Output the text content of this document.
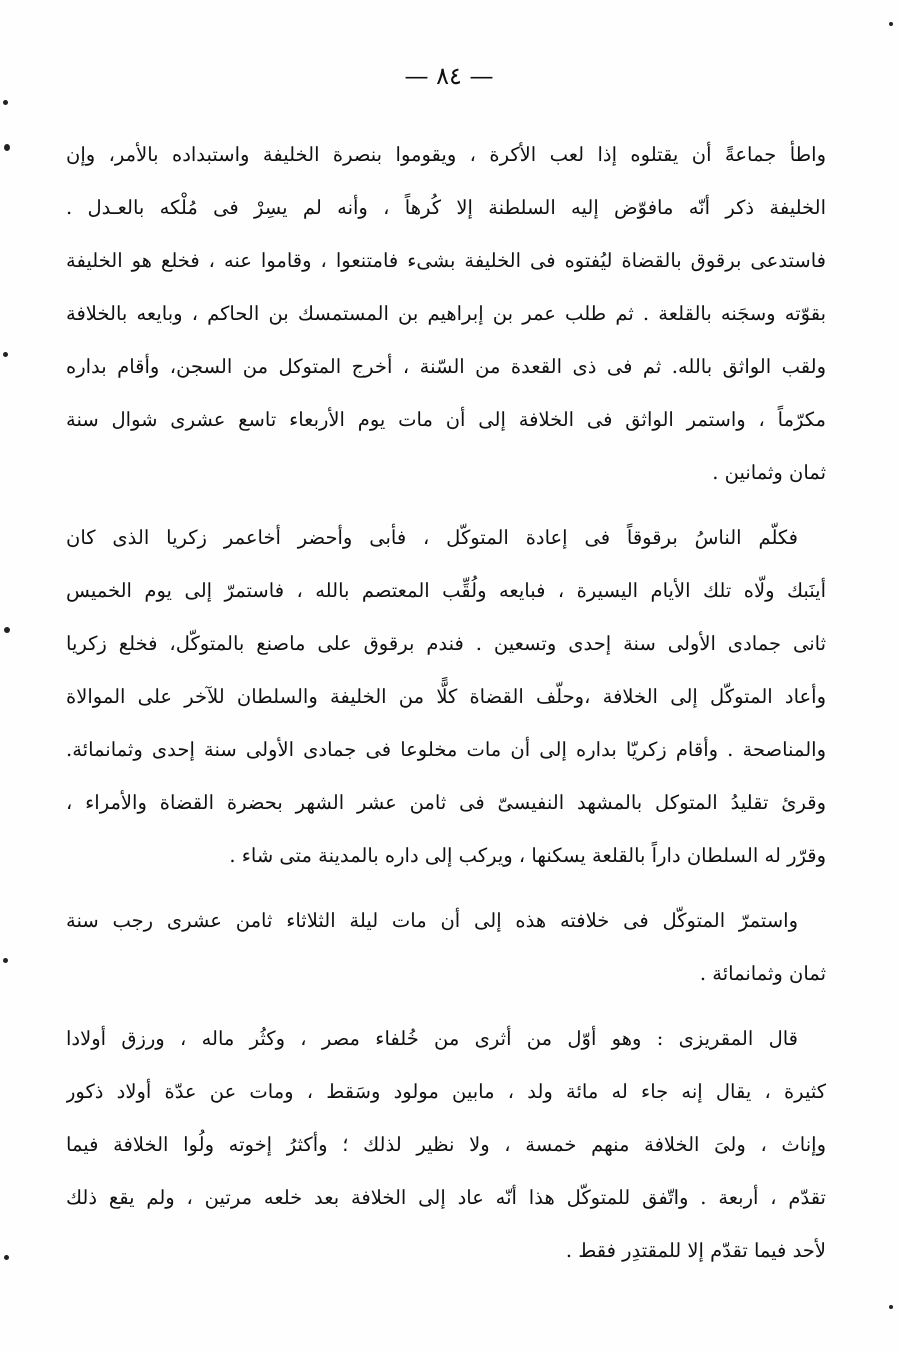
— ٨٤ —
واطأ جماعةً أن يقتلوه إذا لعب الأكرة ، ويقوموا بنصرة الخليفة واستبداده بالأمر، وإن
الخليفة ذكر أنّه مافوّض إليه السلطنة إلا كُرهاً ، وأنه لم يسِرْ فى مُلْكه بالعـدل .
فاستدعى برقوق بالقضاة ليُفتوه فى الخليفة بشىء فامتنعوا ، وقاموا عنه ، فخلع هو الخليفة
بقوّته وسجَنه بالقلعة . ثم طلب عمر بن إبراهيم بن المستمسك بن الحاكم ، وبايعه بالخلافة
ولقب الواثق بالله. ثم فى ذى القعدة من السّنة ، أخرج المتوكل من السجن، وأقام بداره
مكرّماً ، واستمر الواثق فى الخلافة إلى أن مات يوم الأربعاء تاسع عشرى شوال سنة
ثمان وثمانين .
فكلّم الناسُ برقوقاً فى إعادة المتوكّل ، فأبى وأحضر أخاعمر زكريا الذى كان
أينَبك ولّاه تلك الأيام اليسيرة ، فبايعه ولُقِّب المعتصم بالله ، فاستمرّ إلى يوم الخميس
ثانى جمادى الأولى سنة إحدى وتسعين . فندم برقوق على ماصنع بالمتوكّل، فخلع زكريا
وأعاد المتوكّل إلى الخلافة ،وحلّف القضاة كلًّا من الخليفة والسلطان للآخر على الموالاة
والمناصحة . وأقام زكريّا بداره إلى أن مات مخلوعا فى جمادى الأولى سنة إحدى وثمانمائة.
وقرئ تقليدُ المتوكل بالمشهد النفيسىّ فى ثامن عشر الشهر بحضرة القضاة والأمراء ،
وقرّر له السلطان داراً بالقلعة يسكنها ، ويركب إلى داره بالمدينة متى شاء .
واستمرّ المتوكّل فى خلافته هذه إلى أن مات ليلة الثلاثاء ثامن عشرى رجب سنة
ثمان وثمانمائة .
قال المقريزى : وهو أوّل من أثرى من خُلفاء مصر ، وكثُر ماله ، ورزق أولادا
كثيرة ، يقال إنه جاء له مائة ولد ، مابين مولود وسَقط ، ومات عن عدّة أولاد ذكور
وإناث ، ولىَ الخلافة منهم خمسة ، ولا نظير لذلك ؛ وأكثرُ إخوته ولُوا الخلافة فيما
تقدّم ، أربعة . واتّفق للمتوكّل هذا أنّه عاد إلى الخلافة بعد خلعه مرتين ، ولم يقع ذلك
لأحد فيما تقدّم إلا للمقتدِر فقط .
